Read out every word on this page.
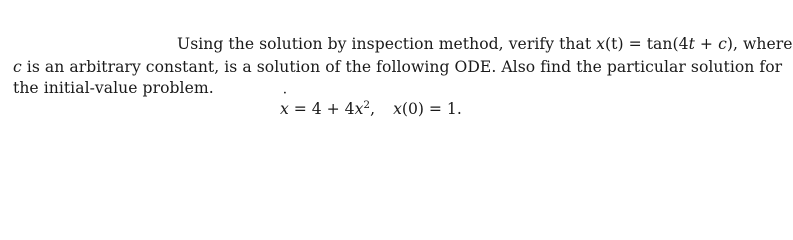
Using the solution by inspection method, verify that x(t) = tan(4t + c), where
c is an arbitrary constant, is a solution of the following ODE. Also find the particular solution for
the initial-value problem.
˙ $x = 4 + 4x^2$, x(0) = 1.
